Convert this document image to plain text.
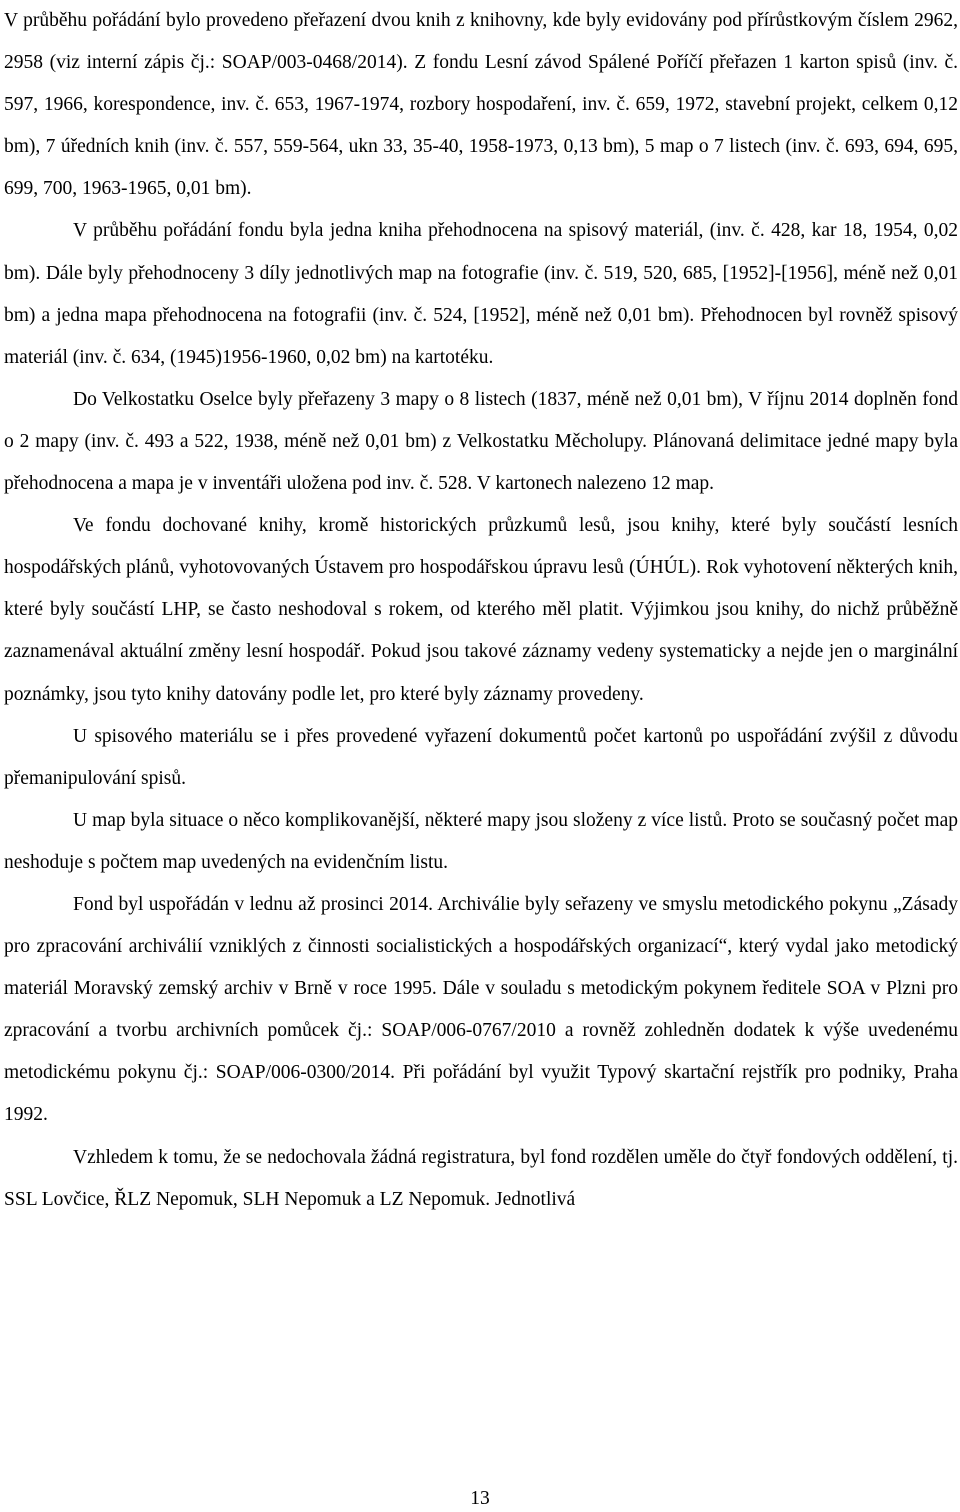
V průběhu pořádání bylo provedeno přeřazení dvou knih z knihovny, kde byly evidovány pod přírůstkovým číslem 2962, 2958 (viz interní zápis čj.: SOAP/003-0468/2014). Z fondu Lesní závod Spálené Poříčí přeřazen 1 karton spisů (inv. č. 597, 1966, korespondence, inv. č. 653, 1967-1974, rozbory hospodaření, inv. č. 659, 1972, stavební projekt, celkem 0,12 bm), 7 úředních knih (inv. č. 557, 559-564, ukn 33, 35-40, 1958-1973, 0,13 bm), 5 map o 7 listech (inv. č. 693, 694, 695, 699, 700, 1963-1965, 0,01 bm).

V průběhu pořádání fondu byla jedna kniha přehodnocena na spisový materiál, (inv. č. 428, kar 18, 1954, 0,02 bm). Dále byly přehodnoceny 3 díly jednotlivých map na fotografie (inv. č. 519, 520, 685, [1952]-[1956], méně než 0,01 bm) a jedna mapa přehodnocena na fotografii (inv. č. 524, [1952], méně než 0,01 bm). Přehodnocen byl rovněž spisový materiál (inv. č. 634, (1945)1956-1960, 0,02 bm) na kartotéku.

Do Velkostatku Oselce byly přeřazeny 3 mapy o 8 listech (1837, méně než 0,01 bm), V říjnu 2014 doplněn fond o 2 mapy (inv. č. 493 a 522, 1938, méně než 0,01 bm) z Velkostatku Měcholupy. Plánovaná delimitace jedné mapy byla přehodnocena a mapa je v inventáři uložena pod inv. č. 528. V kartonech nalezeno 12 map.

Ve fondu dochované knihy, kromě historických průzkumů lesů, jsou knihy, které byly součástí lesních hospodářských plánů, vyhotovovaných Ústavem pro hospodářskou úpravu lesů (ÚHÚL). Rok vyhotovení některých knih, které byly součástí LHP, se často neshodoval s rokem, od kterého měl platit. Výjimkou jsou knihy, do nichž průběžně zaznamenával aktuální změny lesní hospodář. Pokud jsou takové záznamy vedeny systematicky a nejde jen o marginální poznámky, jsou tyto knihy datovány podle let, pro které byly záznamy provedeny.

U spisového materiálu se i přes provedené vyřazení dokumentů počet kartonů po uspořádání zvýšil z důvodu přemanipulování spisů.

U map byla situace o něco komplikovanější, některé mapy jsou složeny z více listů. Proto se současný počet map neshoduje s počtem map uvedených na evidenčním listu.

Fond byl uspořádán v lednu až prosinci 2014. Archiválie byly seřazeny ve smyslu metodického pokynu „Zásady pro zpracování archiválií vzniklých z činnosti socialistických a hospodářských organizací“, který vydal jako metodický materiál Moravský zemský archiv v Brně v roce 1995. Dále v souladu s metodickým pokynem ředitele SOA v Plzni pro zpracování a tvorbu archivních pomůcek čj.: SOAP/006-0767/2010 a rovněž zohledněn dodatek k výše uvedenému metodickému pokynu čj.: SOAP/006-0300/2014. Při pořádání byl využit Typový skartační rejstřík pro podniky, Praha 1992.

Vzhledem k tomu, že se nedochovala žádná registratura, byl fond rozdělen uměle do čtyř fondových oddělení, tj. SSL Lovčice, ŘLZ Nepomuk, SLH Nepomuk a LZ Nepomuk. Jednotlivá

13
